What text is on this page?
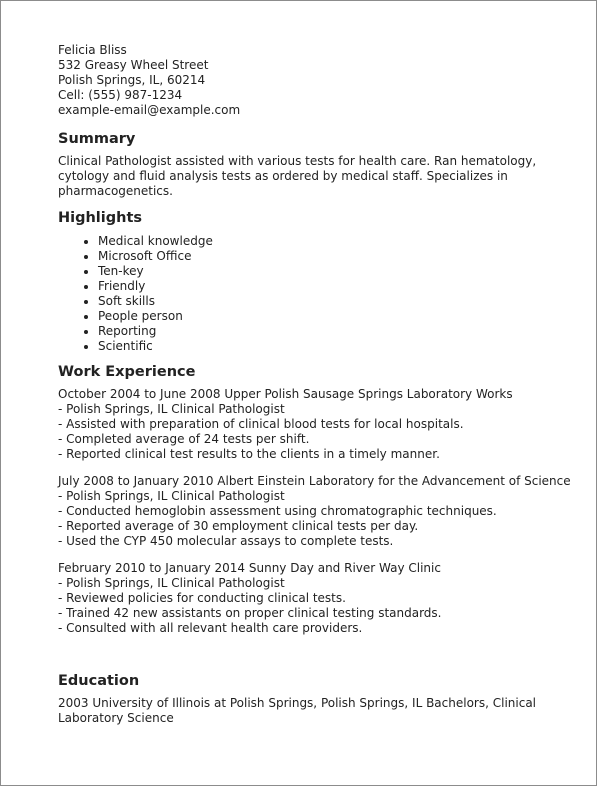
Felicia Bliss
532 Greasy Wheel Street
Polish Springs, IL, 60214
Cell: (555) 987-1234
example-email@example.com
Summary

Clinical Pathologist assisted with various tests for health care. Ran hematology, cytology and fluid analysis tests as ordered by medical staff. Specializes in pharmacogenetics.

Highlights
• Medical knowledge
• Microsoft Office
• Ten-key
• Friendly
• Soft skills
• People person
• Reporting
• Scientific
Work Experience
October 2004 to June 2008 Upper Polish Sausage Springs Laboratory Works
- Polish Springs, IL Clinical Pathologist
- Assisted with preparation of clinical blood tests for local hospitals.
- Completed average of 24 tests per shift.
- Reported clinical test results to the clients in a timely manner.
July 2008 to January 2010 Albert Einstein Laboratory for the Advancement of Science
- Polish Springs, IL Clinical Pathologist
- Conducted hemoglobin assessment using chromatographic techniques.
- Reported average of 30 employment clinical tests per day.
- Used the CYP 450 molecular assays to complete tests.
February 2010 to January 2014 Sunny Day and River Way Clinic
- Polish Springs, IL Clinical Pathologist
- Reviewed policies for conducting clinical tests.
- Trained 42 new assistants on proper clinical testing standards.
- Consulted with all relevant health care providers.
Education

2003 University of Illinois at Polish Springs, Polish Springs, IL Bachelors, Clinical Laboratory Science
